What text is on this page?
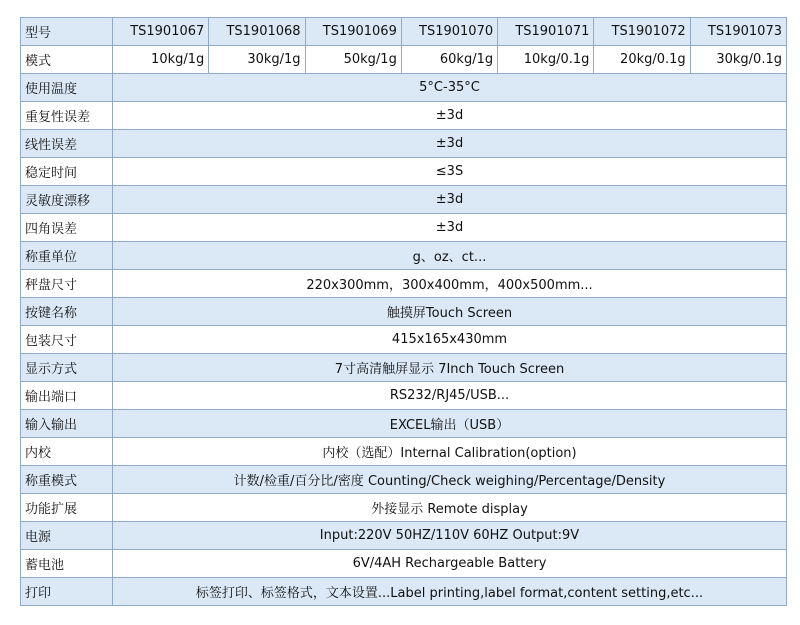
型号	TS1901067	TS1901068	TS1901069	TS1901070	TS1901071	TS1901072	TS1901073
模式	10kg/1g	30kg/1g	50kg/1g	60kg/1g	10kg/0.1g	20kg/0.1g	30kg/0.1g
使用温度	5°C-35°C						
重复性误差	±3d						
线性误差	±3d						
稳定时间	≤3S						
灵敏度漂移	±3d						
四角误差	±3d						
称重单位	g、oz、ct...						
秤盘尺寸	220x300mm，300x400mm，400x500mm...						
按键名称	触摸屏Touch Screen						
包装尺寸	415x165x430mm						
显示方式	7寸高清触屏显示 7Inch Touch Screen						
输出端口	RS232/RJ45/USB...						
输入输出	EXCEL输出（USB）						
内校	内校（选配）Internal Calibration(option)						
称重模式	计数/检重/百分比/密度 Counting/Check weighing/Percentage/Density						
功能扩展	外接显示 Remote display						
电源	Input:220V 50HZ/110V 60HZ Output:9V						
蓄电池	6V/4AH Rechargeable Battery						
打印	标签打印、标签格式，文本设置...Label printing,label format,content setting,etc...						
